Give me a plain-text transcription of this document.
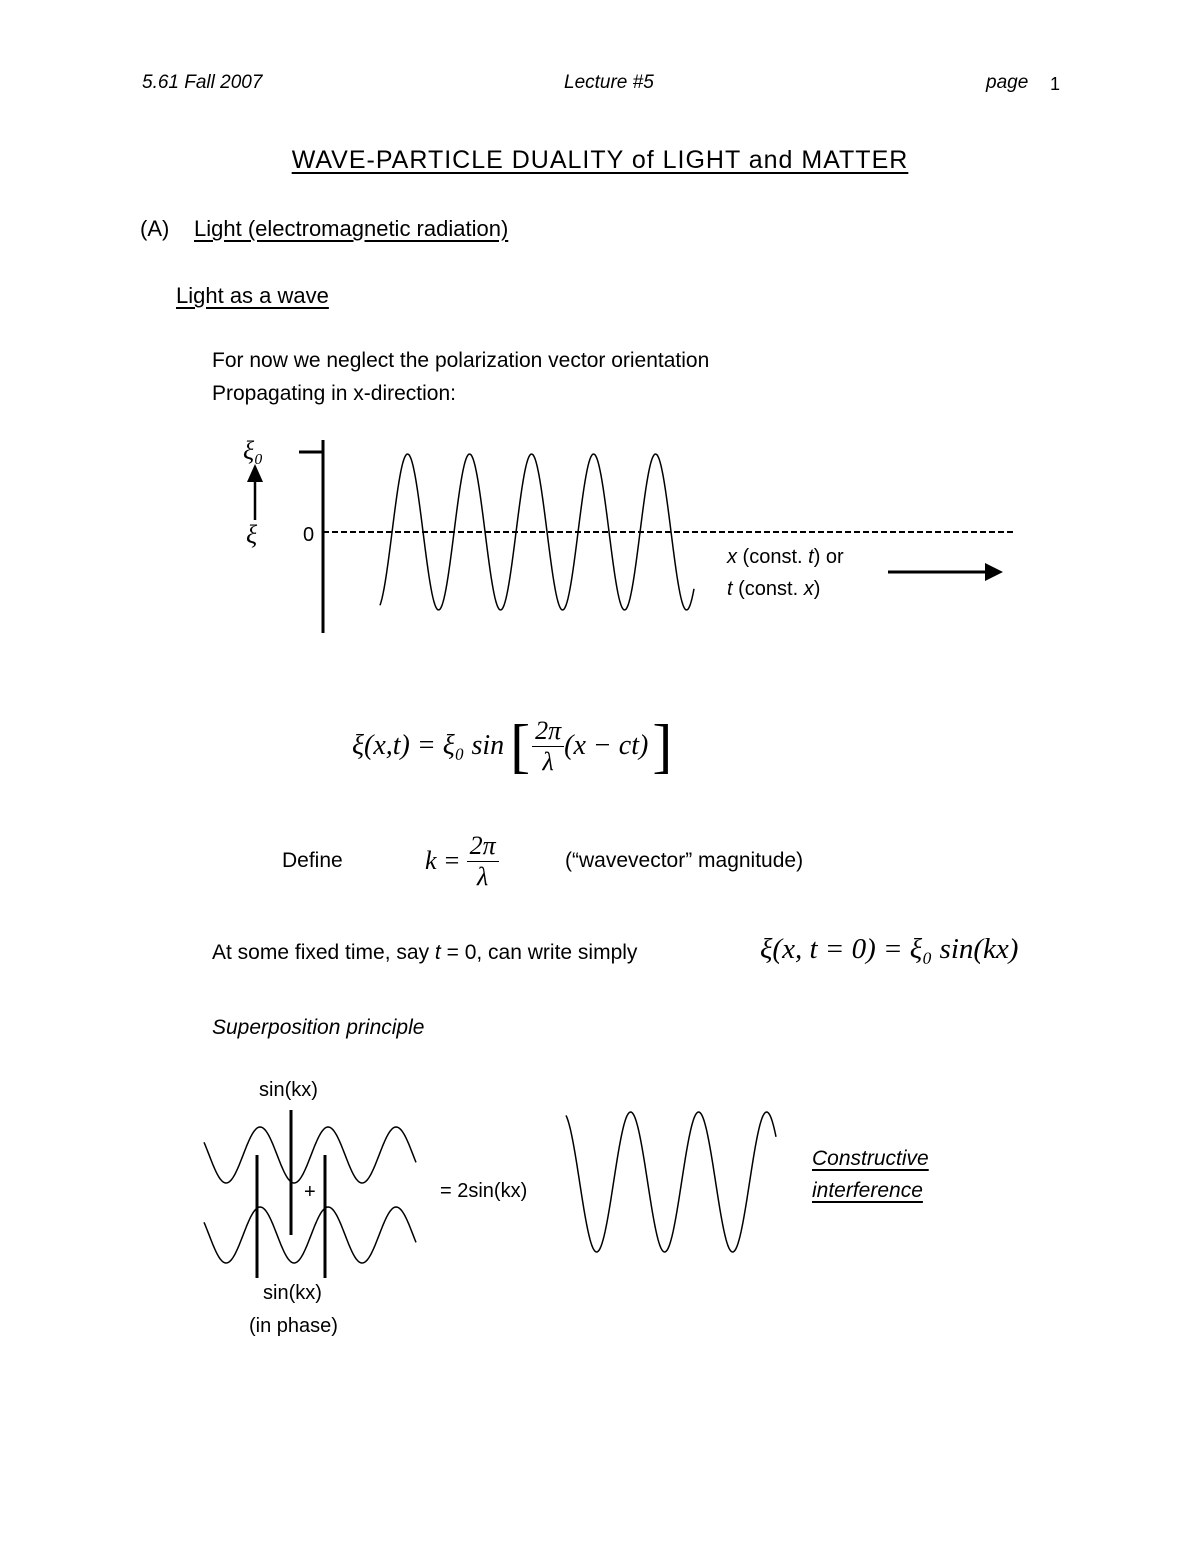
5.61 Fall 2007	Lecture #5	page 1
WAVE-PARTICLE DUALITY of LIGHT and MATTER
(A) Light (electromagnetic radiation)
Light as a wave
For now we neglect the polarization vector orientation
Propagating in x-direction:
ξ₀
ξ 0
x (const. t) or
t (const. x)
ξ(x,t) = ξ₀ sin [ $\frac{2\pi}{\lambda} (x - ct)$ ]
Define	$k = \frac{2\pi}{\lambda}$	(“wavevector” magnitude)
At some fixed time, say t = 0, can write simply	ξ(x, t = 0) = ξ₀ sin(kx)
Superposition principle
sin(kx)
+
sin(kx)
(in phase)
= 2sin(kx)
Constructive
interference
